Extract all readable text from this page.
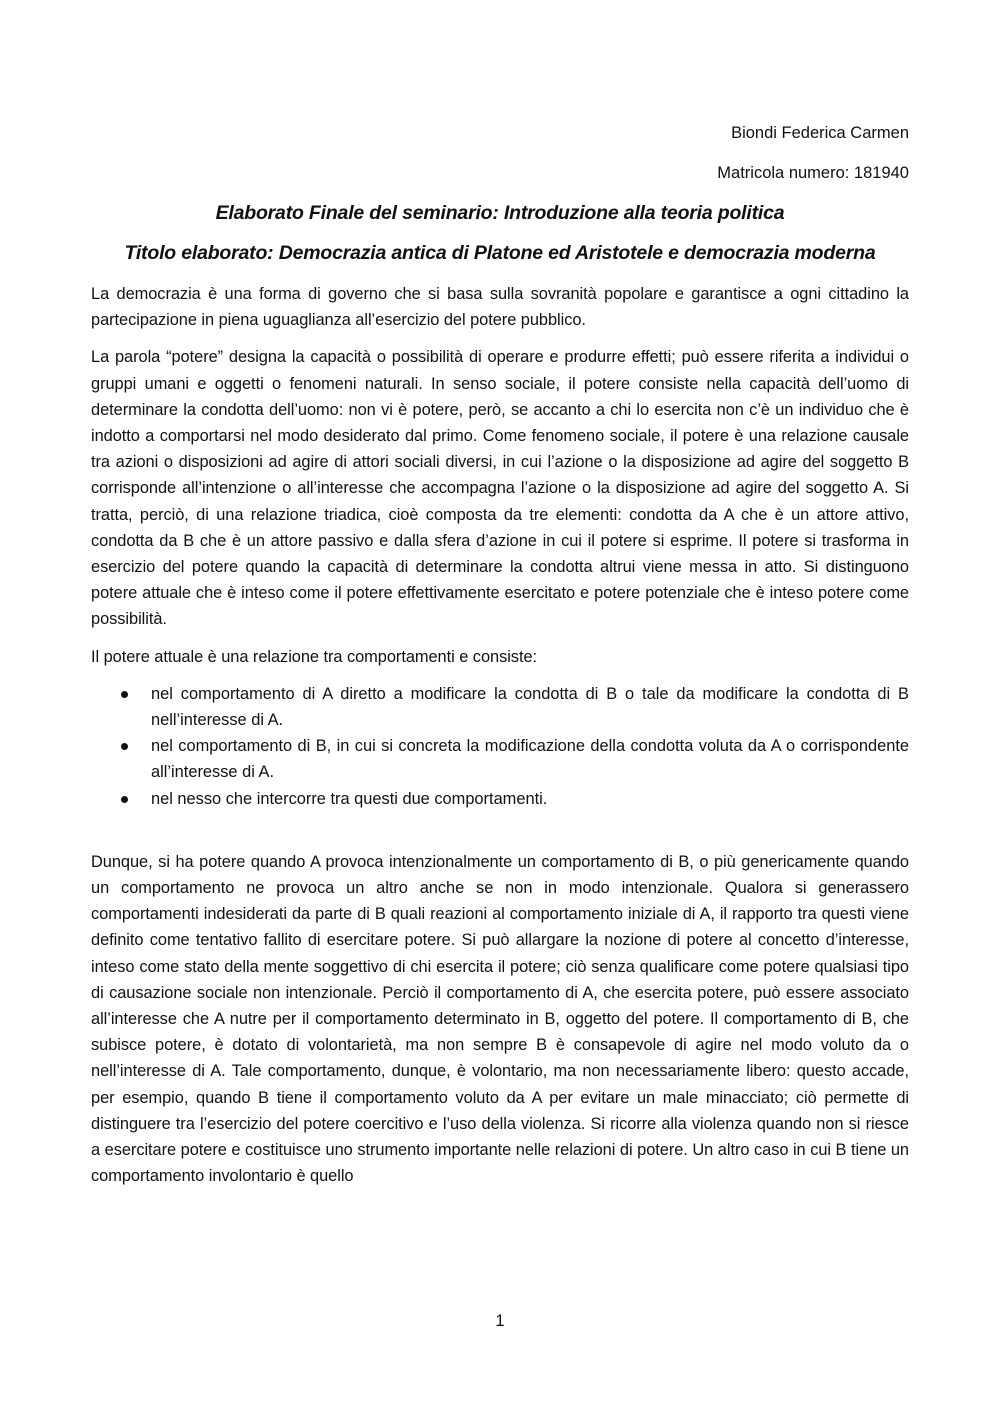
Biondi Federica Carmen

Matricola numero: 181940

Elaborato Finale del seminario: Introduzione alla teoria politica

Titolo elaborato: Democrazia antica di Platone ed Aristotele e democrazia moderna

La democrazia è una forma di governo che si basa sulla sovranità popolare e garantisce a ogni cittadino la partecipazione in piena uguaglianza all’esercizio del potere pubblico.

La parola “potere” designa la capacità o possibilità di operare e produrre effetti; può essere riferita a individui o gruppi umani e oggetti o fenomeni naturali. In senso sociale, il potere consiste nella capacità dell’uomo di determinare la condotta dell’uomo: non vi è potere, però, se accanto a chi lo esercita non c’è un individuo che è indotto a comportarsi nel modo desiderato dal primo. Come fenomeno sociale, il potere è una relazione causale tra azioni o disposizioni ad agire di attori sociali diversi, in cui l’azione o la disposizione ad agire del soggetto B corrisponde all’intenzione o all’interesse che accompagna l’azione o la disposizione ad agire del soggetto A. Si tratta, perciò, di una relazione triadica, cioè composta da tre elementi: condotta da A che è un attore attivo, condotta da B che è un attore passivo e dalla sfera d’azione in cui il potere si esprime. Il potere si trasforma in esercizio del potere quando la capacità di determinare la condotta altrui viene messa in atto. Si distinguono potere attuale che è inteso come il potere effettivamente esercitato e potere potenziale che è inteso potere come possibilità.

Il potere attuale è una relazione tra comportamenti e consiste:

nel comportamento di A diretto a modificare la condotta di B o tale da modificare la condotta di B nell’interesse di A.
nel comportamento di B, in cui si concreta la modificazione della condotta voluta da A o corrispondente all’interesse di A.
nel nesso che intercorre tra questi due comportamenti.

Dunque, si ha potere quando A provoca intenzionalmente un comportamento di B, o più genericamente quando un comportamento ne provoca un altro anche se non in modo intenzionale. Qualora si generassero comportamenti indesiderati da parte di B quali reazioni al comportamento iniziale di A, il rapporto tra questi viene definito come tentativo fallito di esercitare potere. Si può allargare la nozione di potere al concetto d’interesse, inteso come stato della mente soggettivo di chi esercita il potere; ciò senza qualificare come potere qualsiasi tipo di causazione sociale non intenzionale. Perciò il comportamento di A, che esercita potere, può essere associato all’interesse che A nutre per il comportamento determinato in B, oggetto del potere. Il comportamento di B, che subisce potere, è dotato di volontarietà, ma non sempre B è consapevole di agire nel modo voluto da o nell’interesse di A. Tale comportamento, dunque, è volontario, ma non necessariamente libero: questo accade, per esempio, quando B tiene il comportamento voluto da A per evitare un male minacciato; ciò permette di distinguere tra l’esercizio del potere coercitivo e l’uso della violenza. Si ricorre alla violenza quando non si riesce a esercitare potere e costituisce uno strumento importante nelle relazioni di potere. Un altro caso in cui B tiene un comportamento involontario è quello

1
